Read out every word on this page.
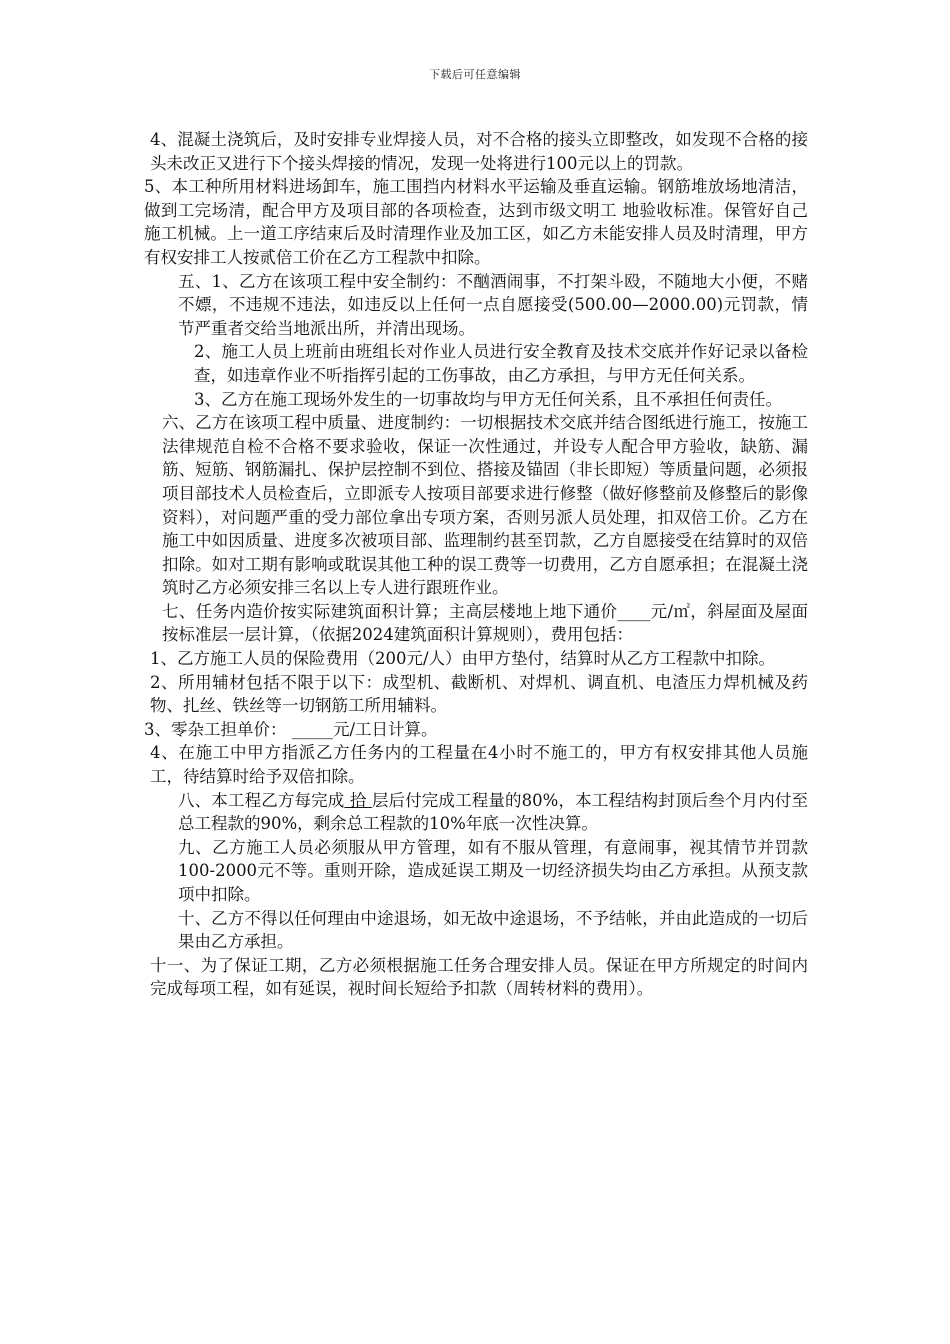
下载后可任意编辑

4、混凝土浇筑后，及时安排专业焊接人员，对不合格的接头立即整改，如发现不合格的接头未改正又进行下个接头焊接的情况，发现一处将进行100元以上的罚款。

5、本工种所用材料进场卸车，施工围挡内材料水平运输及垂直运输。钢筋堆放场地清洁，做到工完场清，配合甲方及项目部的各项检查，达到市级文明工 地验收标准。保管好自己施工机械。上一道工序结束后及时清理作业及加工区，如乙方未能安排人员及时清理，甲方有权安排工人按贰倍工价在乙方工程款中扣除。

五、1、乙方在该项工程中安全制约：不酗酒闹事，不打架斗殴，不随地大小便，不赌不嫖，不违规不违法，如违反以上任何一点自愿接受(500.00—2000.00)元罚款，情节严重者交给当地派出所，并清出现场。

2、施工人员上班前由班组长对作业人员进行安全教育及技术交底并作好记录以备检查，如违章作业不听指挥引起的工伤事故，由乙方承担，与甲方无任何关系。

3、乙方在施工现场外发生的一切事故均与甲方无任何关系，且不承担任何责任。

六、乙方在该项工程中质量、进度制约：一切根据技术交底并结合图纸进行施工，按施工法律规范自检不合格不要求验收，保证一次性通过，并设专人配合甲方验收，缺筋、漏筋、短筋、钢筋漏扎、保护层控制不到位、搭接及锚固（非长即短）等质量问题，必须报项目部技术人员检查后，立即派专人按项目部要求进行修整（做好修整前及修整后的影像资料），对问题严重的受力部位拿出专项方案，否则另派人员处理，扣双倍工价。乙方在施工中如因质量、进度多次被项目部、监理制约甚至罚款，乙方自愿接受在结算时的双倍扣除。如对工期有影响或耽误其他工种的误工费等一切费用，乙方自愿承担；在混凝土浇筑时乙方必须安排三名以上专人进行跟班作业。

七、任务内造价按实际建筑面积计算；主高层楼地上地下通价____元/㎡，斜屋面及屋面按标准层一层计算，（依据2024建筑面积计算规则），费用包括：

1、乙方施工人员的保险费用（200元/人）由甲方垫付，结算时从乙方工程款中扣除。

2、所用辅材包括不限于以下：成型机、截断机、对焊机、调直机、电渣压力焊机械及药物、扎丝、铁丝等一切钢筋工所用辅料。

3、零杂工担单价： _____元/工日计算。

4、在施工中甲方指派乙方任务内的工程量在4小时不施工的，甲方有权安排其他人员施工，待结算时给予双倍扣除。

八、本工程乙方每完成 拾 层后付完成工程量的80%，本工程结构封顶后叁个月内付至总工程款的90%，剩余总工程款的10%年底一次性决算。

九、乙方施工人员必须服从甲方管理，如有不服从管理，有意闹事，视其情节并罚款100-2000元不等。重则开除，造成延误工期及一切经济损失均由乙方承担。从预支款项中扣除。

十、乙方不得以任何理由中途退场，如无故中途退场，不予结帐，并由此造成的一切后果由乙方承担。

十一、为了保证工期，乙方必须根据施工任务合理安排人员。保证在甲方所规定的时间内完成每项工程，如有延误，视时间长短给予扣款（周转材料的费用）。
